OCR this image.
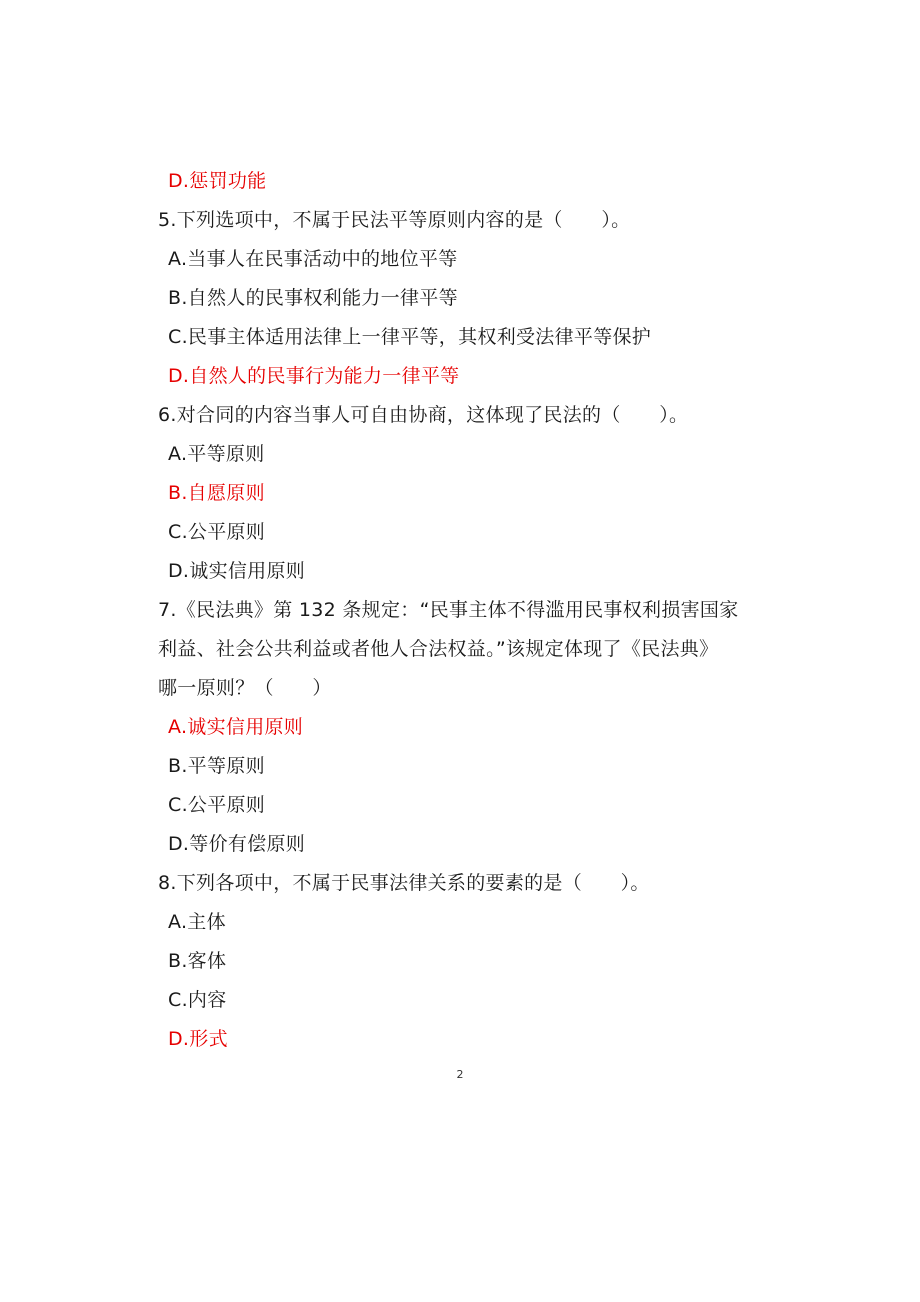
D.惩罚功能
5.下列选项中，不属于民法平等原则内容的是（　　）。
A.当事人在民事活动中的地位平等
B.自然人的民事权利能力一律平等
C.民事主体适用法律上一律平等，其权利受法律平等保护
D.自然人的民事行为能力一律平等
6.对合同的内容当事人可自由协商，这体现了民法的（　　）。
A.平等原则
B.自愿原则
C.公平原则
D.诚实信用原则
7.《民法典》第 132 条规定：“民事主体不得滥用民事权利损害国家
利益、社会公共利益或者他人合法权益。”该规定体现了《民法典》
哪一原则？（　　）
A.诚实信用原则
B.平等原则
C.公平原则
D.等价有偿原则
8.下列各项中，不属于民事法律关系的要素的是（　　）。
A.主体
B.客体
C.内容
D.形式
2
